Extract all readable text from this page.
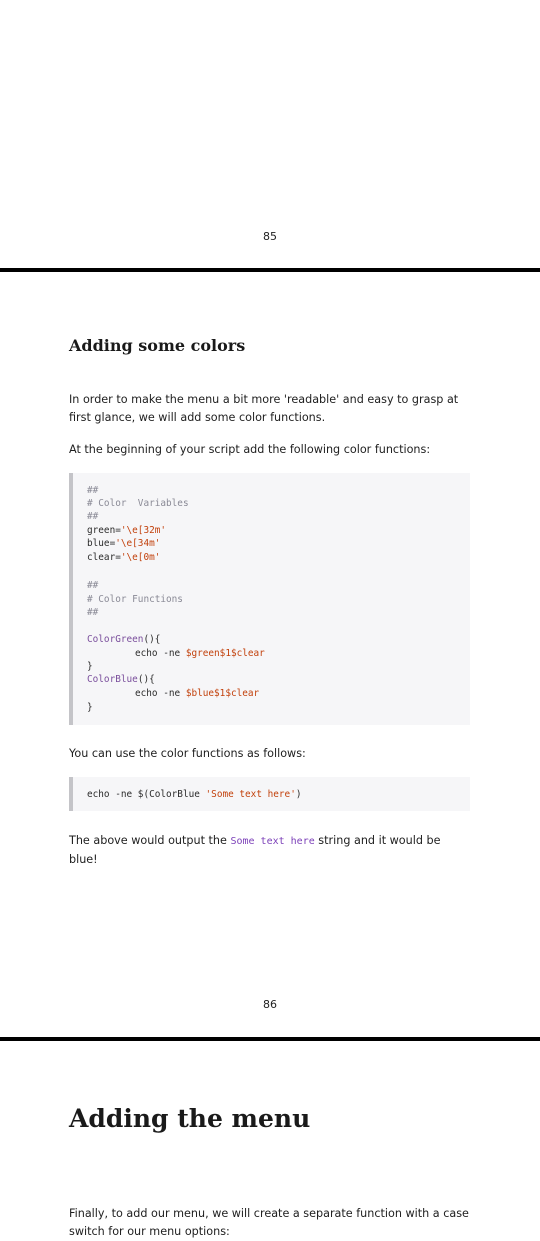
85
Adding some colors
In order to make the menu a bit more 'readable' and easy to grasp at first glance, we will add some color functions.
At the beginning of your script add the following color functions:
##
# Color  Variables
##
green='\e[32m'
blue='\e[34m'
clear='\e[0m'
##
# Color Functions
##
ColorGreen(){
echo -ne $green$1$clear
}
ColorBlue(){
echo -ne $blue$1$clear
}
You can use the color functions as follows:
echo -ne $(ColorBlue 'Some text here')
The above would output the Some text here string and it would be blue!
86
Adding the menu
Finally, to add our menu, we will create a separate function with a case switch for our menu options:
